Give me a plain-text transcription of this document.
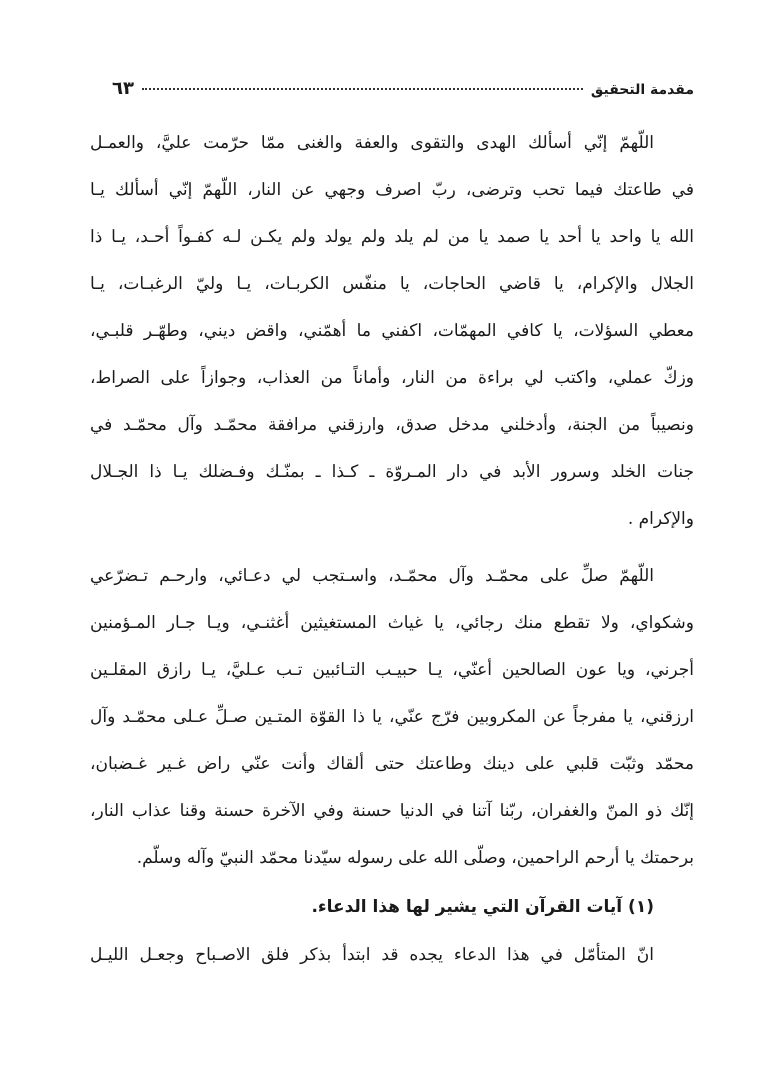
مقدمة التحقيق
٦٣
اللّهمّ إنّي أسألك الهدى والتقوى والعفة والغنى ممّا حرّمت عليَّ، والعمـل
في طاعتك فيما تحب وترضى، ربّ اصرف وجهي عن النار، اللّهمّ إنّي أسألك يـا
الله يا واحد يا أحد يا صمد يا من لم يلد ولم يولد ولم يكـن لـه كفـواً أحـد، يـا ذا
الجلال والإكرام، يا قاضي الحاجات، يا منفّس الكربـات، يـا وليّ الرغبـات، يـا
معطي السؤلات، يا كافي المهمّات، اكفني ما أهمّني، واقض ديني، وطهّـر قلبـي،
وزكّ عملي، واكتب لي براءة من النار، وأماناً من العذاب، وجوازاً على الصراط،
ونصيباً من الجنة، وأدخلني مدخل صدق، وارزقني مرافقة محمّـد وآل محمّـد في
جنات الخلد وسرور الأبد في دار المـروّة ـ كـذا ـ بمنّـك وفـضلك يـا ذا الجـلال
والإكرام .
اللّهمّ صلِّ على محمّـد وآل محمّـد، واسـتجب لي دعـائي، وارحـم تـضرّعي
وشكواي، ولا تقطع منك رجائي، يا غياث المستغيثين أغثنـي، ويـا جـار المـؤمنين
أجرني، ويا عون الصالحين أعنّي، يـا حبيـب التـائبين تـب عـليَّ، يـا رازق المقلـين
ارزقني، يا مفرجاً عن المكروبين فرّج عنّي، يا ذا القوّة المتـين صـلِّ عـلى محمّـد وآل
محمّد وثبّت قلبي على دينك وطاعتك حتى ألقاك وأنت عنّي راض غـير غـضبان،
إنّك ذو المنّ والغفران، ربّنا آتنا في الدنيا حسنة وفي الآخرة حسنة وقنا عذاب النار،
برحمتك يا أرحم الراحمين، وصلّى الله على رسوله سيّدنا محمّد النبيّ وآله وسلّم.
(١) آيات القرآن التي يشير لها هذا الدعاء.
انّ المتأمّل في هذا الدعاء يجده قد ابتدأ بذكر فلق الاصـباح وجعـل الليـل
